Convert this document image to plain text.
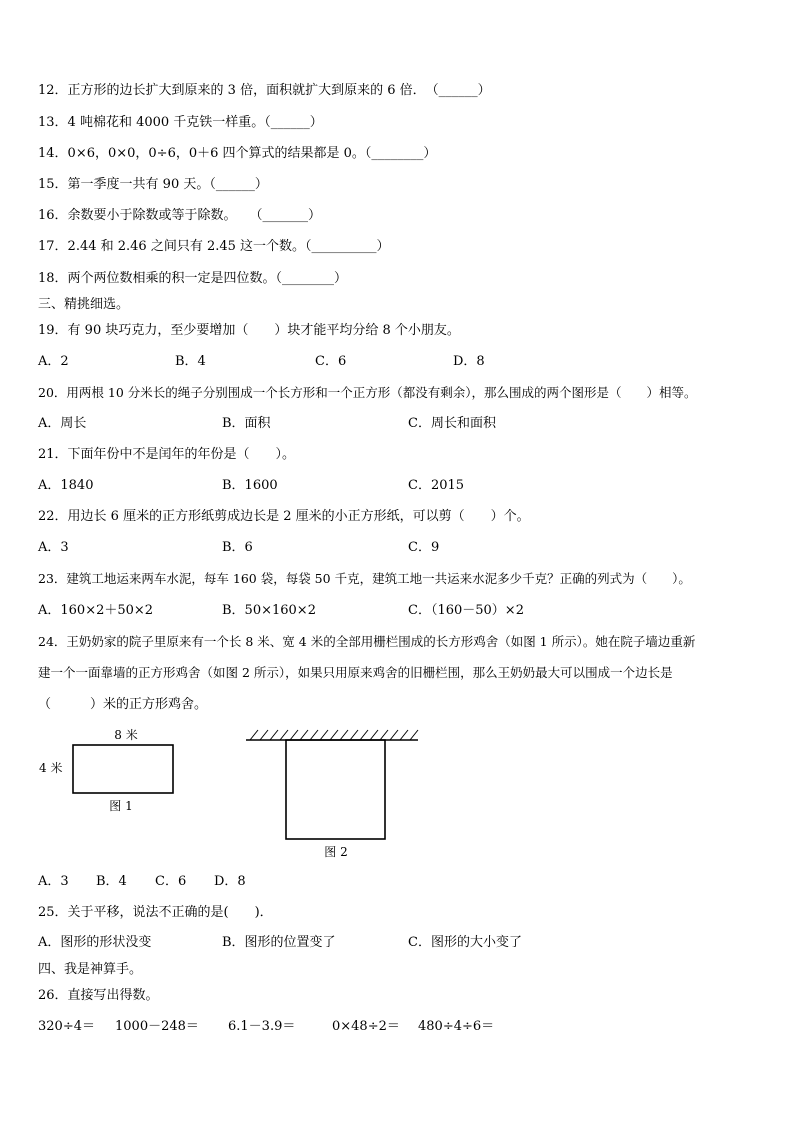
12．正方形的边长扩大到原来的 3 倍，面积就扩大到原来的 6 倍．　（______）
13．4 吨棉花和 4000 千克铁一样重。（______）
14．0×6，0×0，0÷6，0＋6 四个算式的结果都是 0。（________）
15．第一季度一共有 90 天。（______）
16．余数要小于除数或等于除数。　　（_______）
17．2.44 和 2.46 之间只有 2.45 这一个数。（__________）
18．两个两位数相乘的积一定是四位数。（________）
三、精挑细选。
19．有 90 块巧克力，至少要增加（　　）块才能平均分给 8 个小朋友。
A．2	B．4	C．6	D．8
20．用两根 10 分米长的绳子分别围成一个长方形和一个正方形（都没有剩余），那么围成的两个图形是（　　）相等。
A．周长	B．面积	C．周长和面积
21．下面年份中不是闰年的年份是（　　）。
A．1840	B．1600	C．2015
22．用边长 6 厘米的正方形纸剪成边长是 2 厘米的小正方形纸，可以剪（　　）个。
A．3	B．6	C．9
23．建筑工地运来两车水泥，每车 160 袋，每袋 50 千克，建筑工地一共运来水泥多少千克？正确的列式为（　　）。
A．160×2＋50×2	B．50×160×2	C．（160－50）×2
24．王奶奶家的院子里原来有一个长 8 米、宽 4 米的全部用栅栏围成的长方形鸡舍（如图 1 所示）。她在院子墙边重新
建一个一面靠墙的正方形鸡舍（如图 2 所示），如果只用原来鸡舍的旧栅栏围，那么王奶奶最大可以围成一个边长是
（　　　）米的正方形鸡舍。
8 米
4 米
图 1
图 2
A．3 B．4 C．6 D．8
25．关于平移，说法不正确的是(　　)．
A．图形的形状没变	B．图形的位置变了	C．图形的大小变了
四、我是神算手。
26．直接写出得数。
320÷4＝ 1000－248＝ 6.1－3.9＝	0×48÷2＝ 480÷4÷6＝
